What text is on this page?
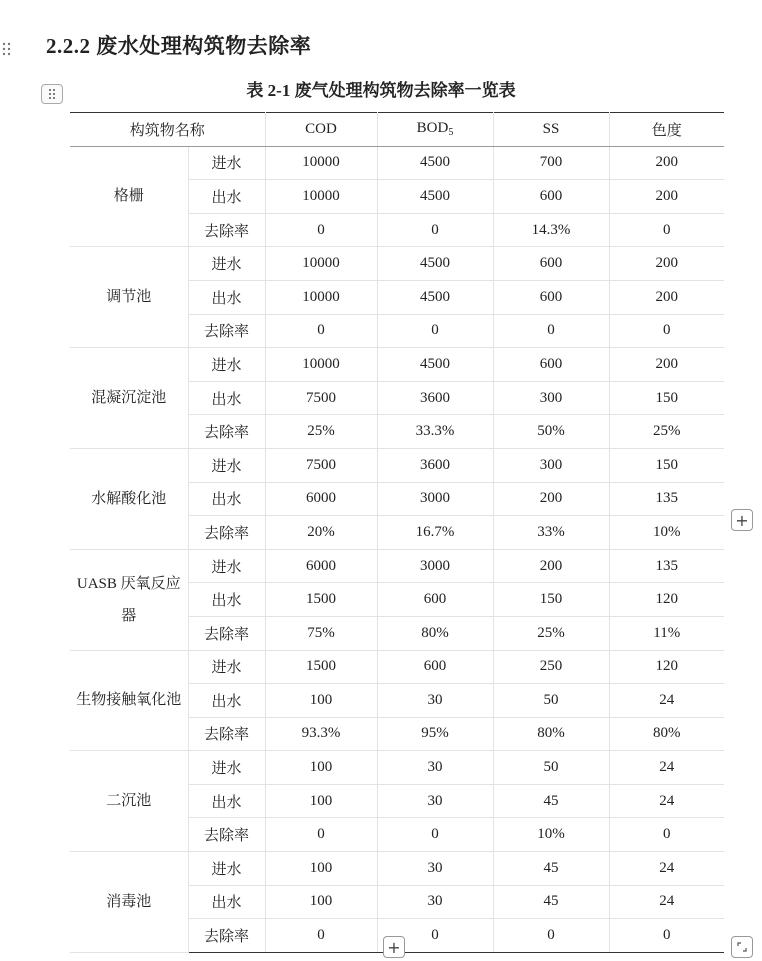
2.2.2 废水处理构筑物去除率

表 2-1 废气处理构筑物去除率一览表

构筑物名称		COD	$BOD_5$	SS	色度
格栅	进水	10000	4500	700	200
	出水	10000	4500	600	200
	去除率	0	0	14.3%	0
调节池	进水	10000	4500	600	200
	出水	10000	4500	600	200
	去除率	0	0	0	0
混凝沉淀池	进水	10000	4500	600	200
	出水	7500	3600	300	150
	去除率	25%	33.3%	50%	25%
水解酸化池	进水	7500	3600	300	150
	出水	6000	3000	200	135
	去除率	20%	16.7%	33%	10%
UASB 厌氧反应器	进水	6000	3000	200	135
	出水	1500	600	150	120
	去除率	75%	80%	25%	11%
生物接触氧化池	进水	1500	600	250	120
	出水	100	30	50	24
	去除率	93.3%	95%	80%	80%
二沉池	进水	100	30	50	24
	出水	100	30	45	24
	去除率	0	0	10%	0
消毒池	进水	100	30	45	24
	出水	100	30	45	24
	去除率	0	0	0	0
+
+
